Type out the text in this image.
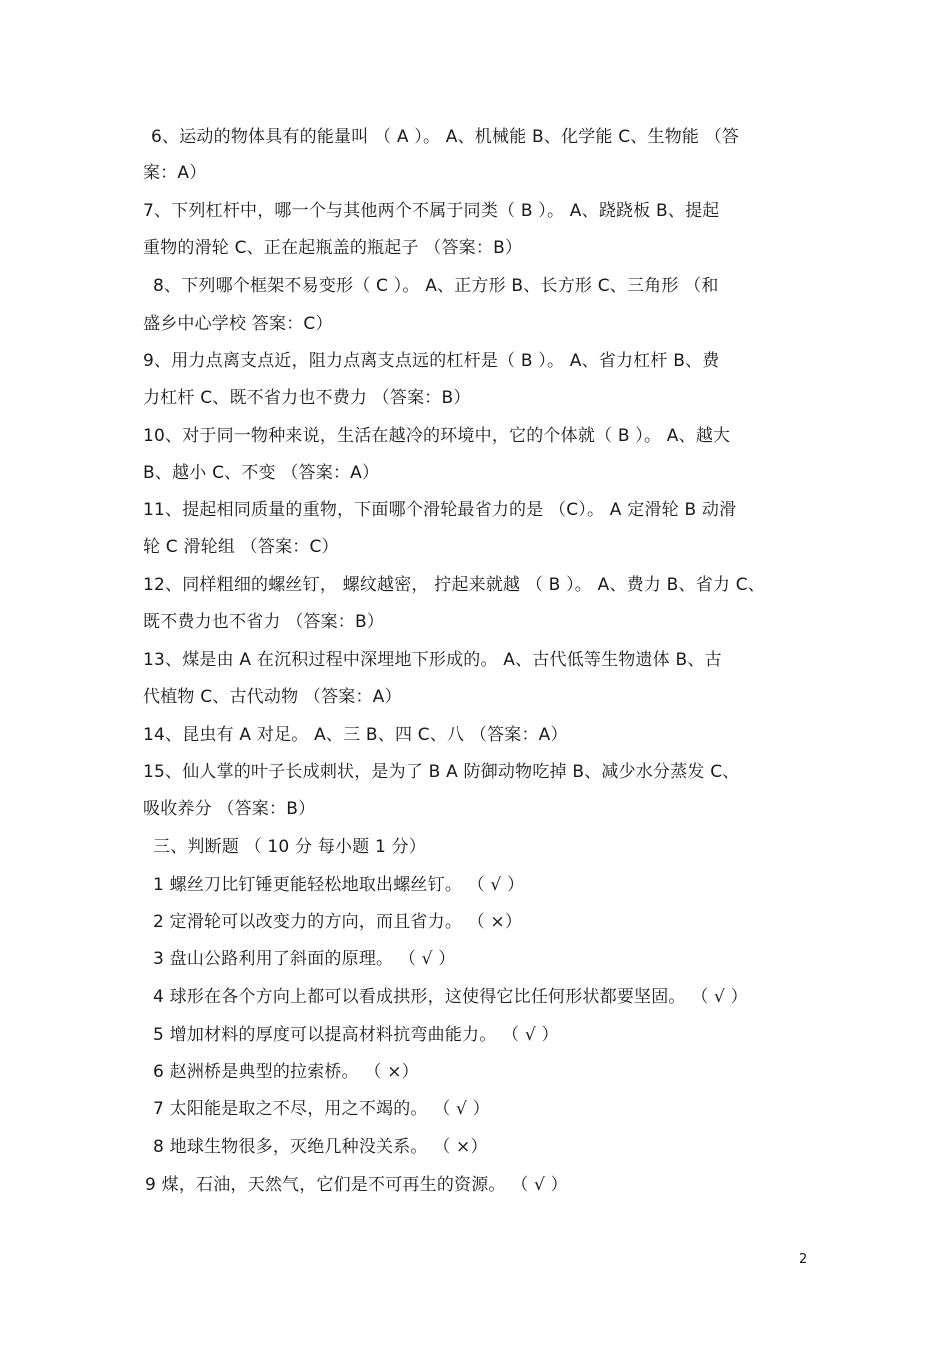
6、运动的物体具有的能量叫 （ A ）。 A、机械能 B、化学能 C、生物能 （答
案：A）
7、下列杠杆中，哪一个与其他两个不属于同类（ B ）。 A、跷跷板 B、提起
重物的滑轮 C、正在起瓶盖的瓶起子 （答案：B）
8、下列哪个框架不易变形（ C ）。 A、正方形 B、长方形 C、三角形 （和
盛乡中心学校 答案：C）
9、用力点离支点近，阻力点离支点远的杠杆是（ B ）。 A、省力杠杆 B、费
力杠杆 C、既不省力也不费力 （答案：B）
10、对于同一物种来说，生活在越冷的环境中，它的个体就（ B ）。 A、越大
B、越小 C、不变 （答案：A）
11、提起相同质量的重物，下面哪个滑轮最省力的是 （C）。 A 定滑轮 B 动滑
轮 C 滑轮组 （答案：C）
12、同样粗细的螺丝钉， 螺纹越密， 拧起来就越 （ B ）。 A、费力 B、省力 C、
既不费力也不省力 （答案：B）
13、煤是由 A 在沉积过程中深埋地下形成的。 A、古代低等生物遗体 B、古
代植物 C、古代动物 （答案：A）
14、昆虫有 A 对足。 A、三 B、四 C、八 （答案：A）
15、仙人掌的叶子长成刺状，是为了 B A 防御动物吃掉 B、减少水分蒸发 C、
吸收养分 （答案：B）
三、判断题 （ 10 分 每小题 1 分）
1 螺丝刀比钉锤更能轻松地取出螺丝钉。 （ √ ）
2 定滑轮可以改变力的方向，而且省力。 （ ×）
3 盘山公路利用了斜面的原理。 （ √ ）
4 球形在各个方向上都可以看成拱形，这使得它比任何形状都要坚固。 （ √ ）
5 增加材料的厚度可以提高材料抗弯曲能力。 （ √ ）
6 赵洲桥是典型的拉索桥。 （ ×）
7 太阳能是取之不尽，用之不竭的。 （ √ ）
8 地球生物很多，灭绝几种没关系。 （ ×）
9 煤，石油，天然气，它们是不可再生的资源。 （ √ ）
2
